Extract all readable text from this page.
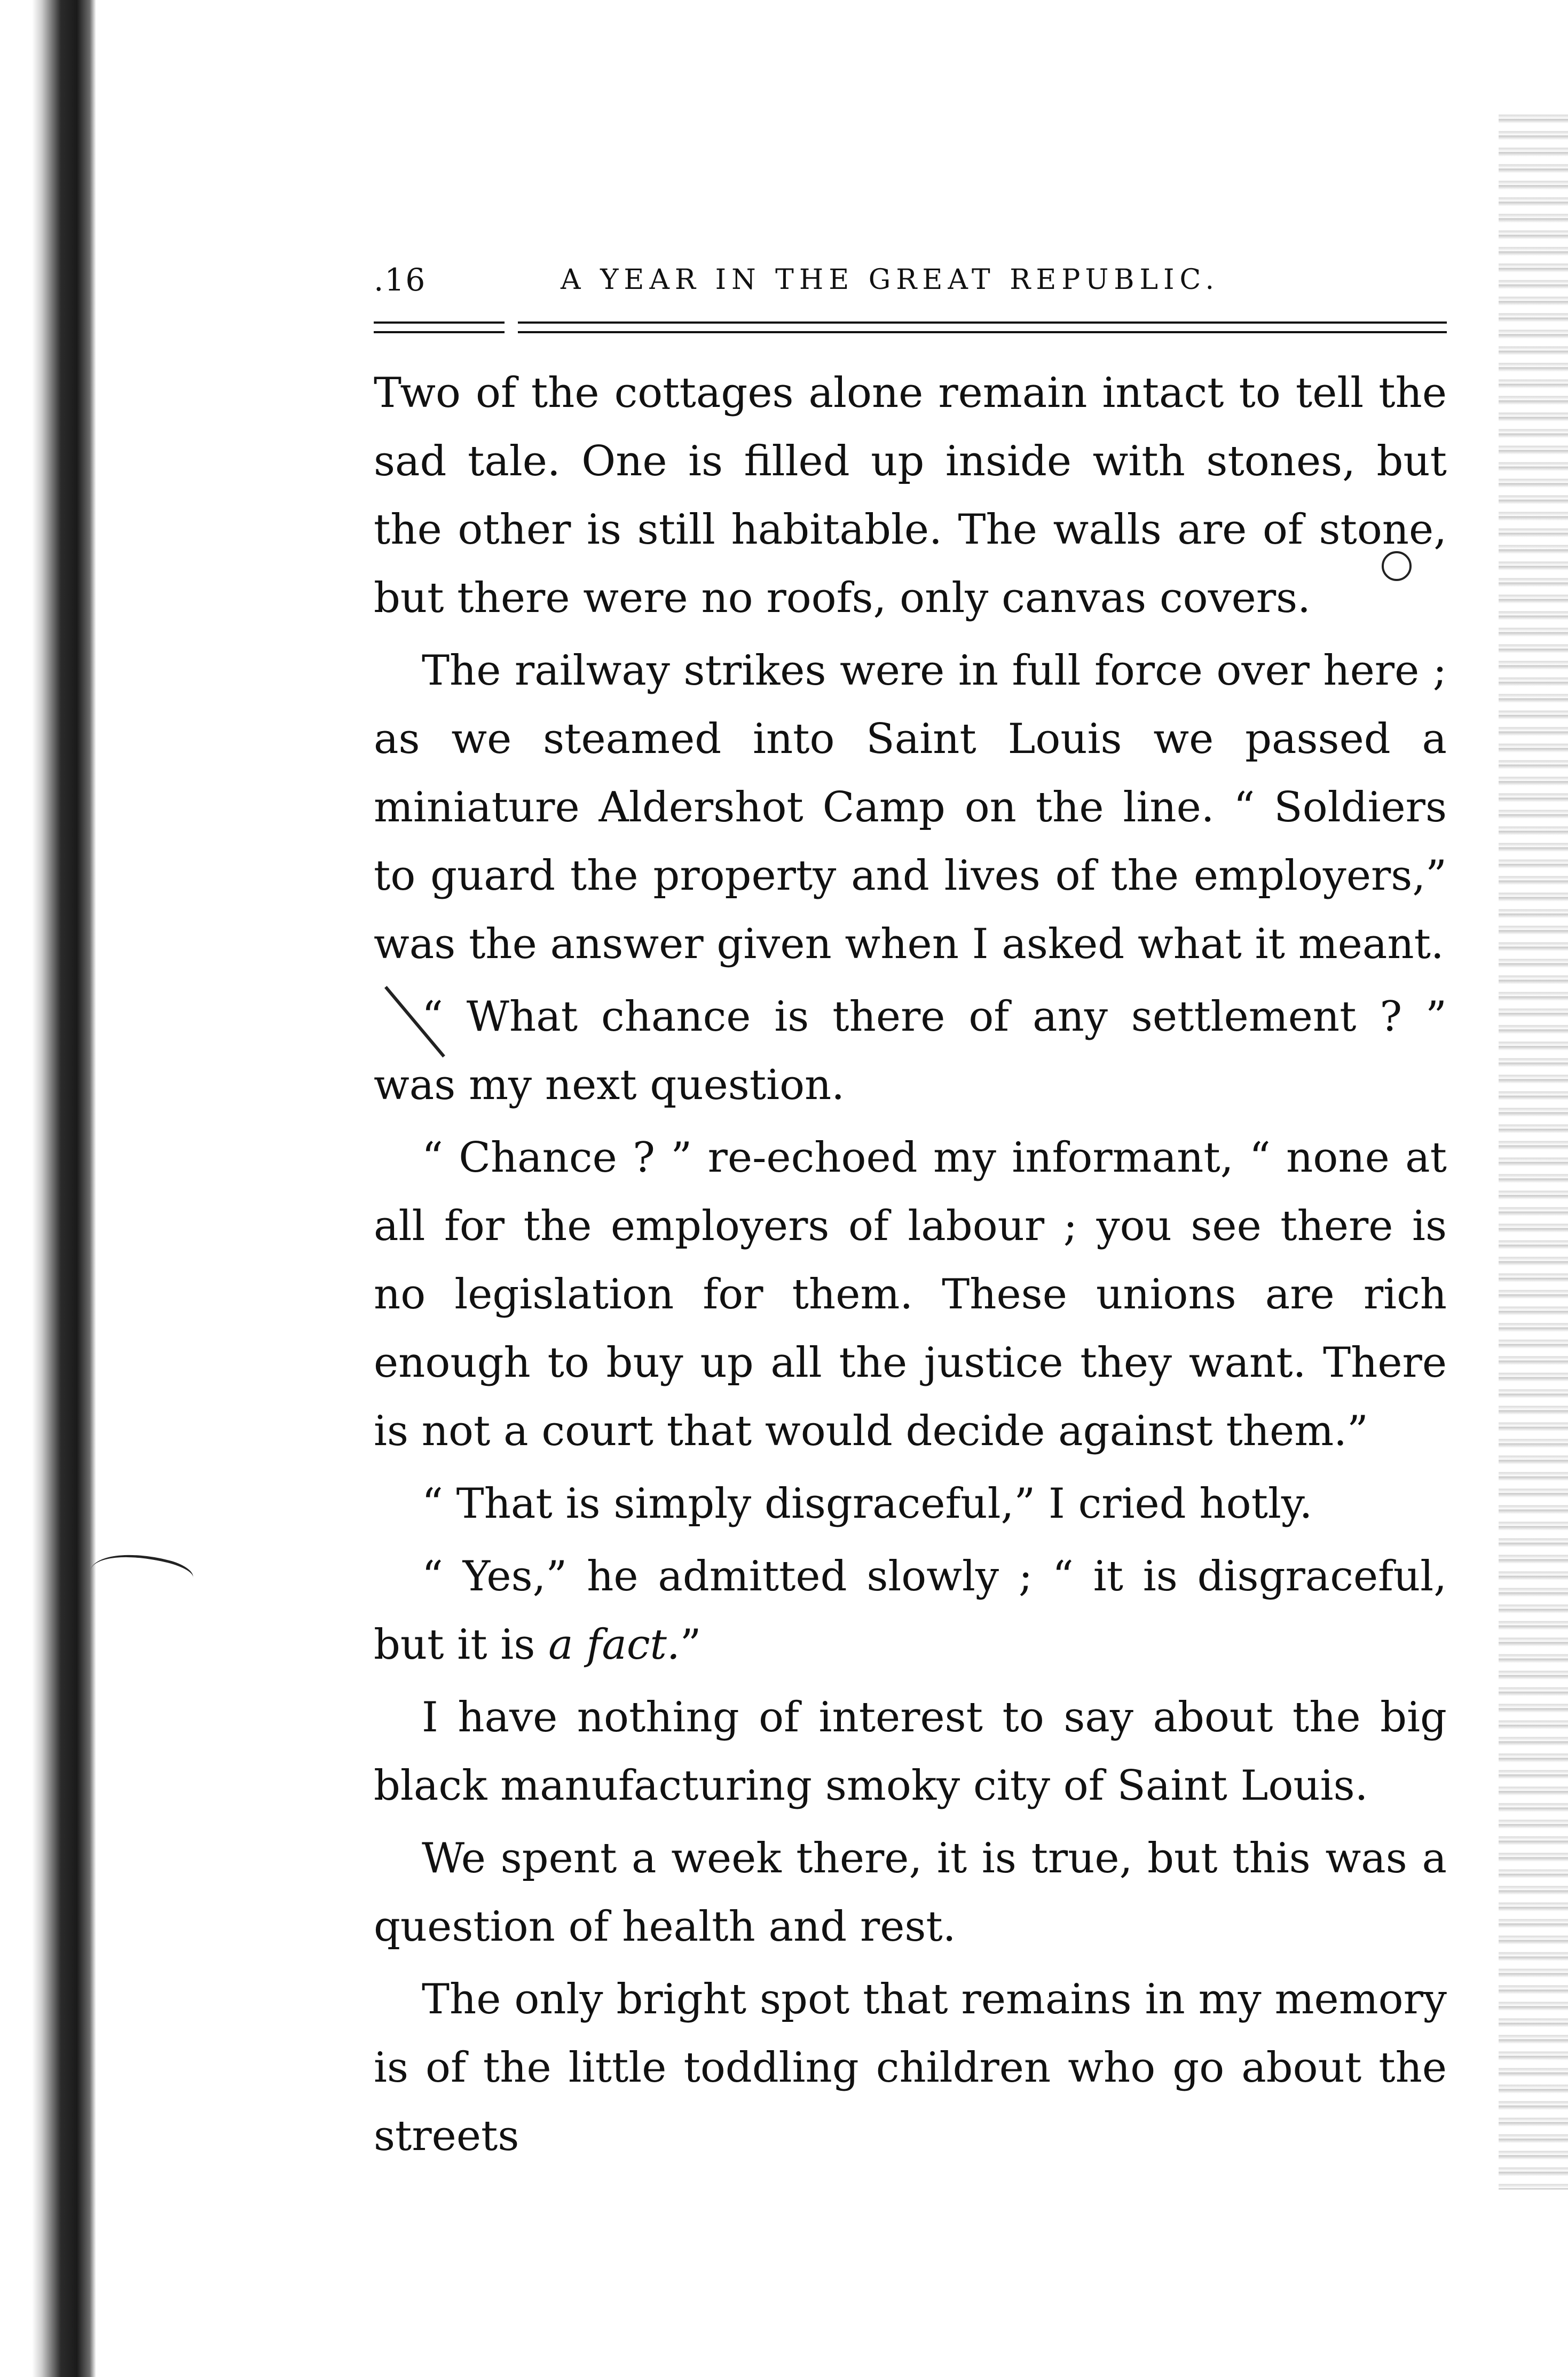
.16	A YEAR IN THE GREAT REPUBLIC.

Two of the cottages alone remain intact to tell the sad tale. One is filled up inside with stones, but the other is still habitable. The walls are of stone, but there were no roofs, only canvas covers.

The railway strikes were in full force over here ; as we steamed into Saint Louis we passed a miniature Aldershot Camp on the line. “ Soldiers to guard the property and lives of the employers,” was the answer given when I asked what it meant.

“ What chance is there of any settlement ? ” was my next question.

“ Chance ? ” re-echoed my informant, “ none at all for the employers of labour ; you see there is no legislation for them. These unions are rich enough to buy up all the justice they want. There is not a court that would decide against them.”

“ That is simply disgraceful,” I cried hotly.

“ Yes,” he admitted slowly ; “ it is disgraceful, but it is a fact.”

I have nothing of interest to say about the big black manufacturing smoky city of Saint Louis.

We spent a week there, it is true, but this was a question of health and rest.

The only bright spot that remains in my memory is of the little toddling children who go about the streets
